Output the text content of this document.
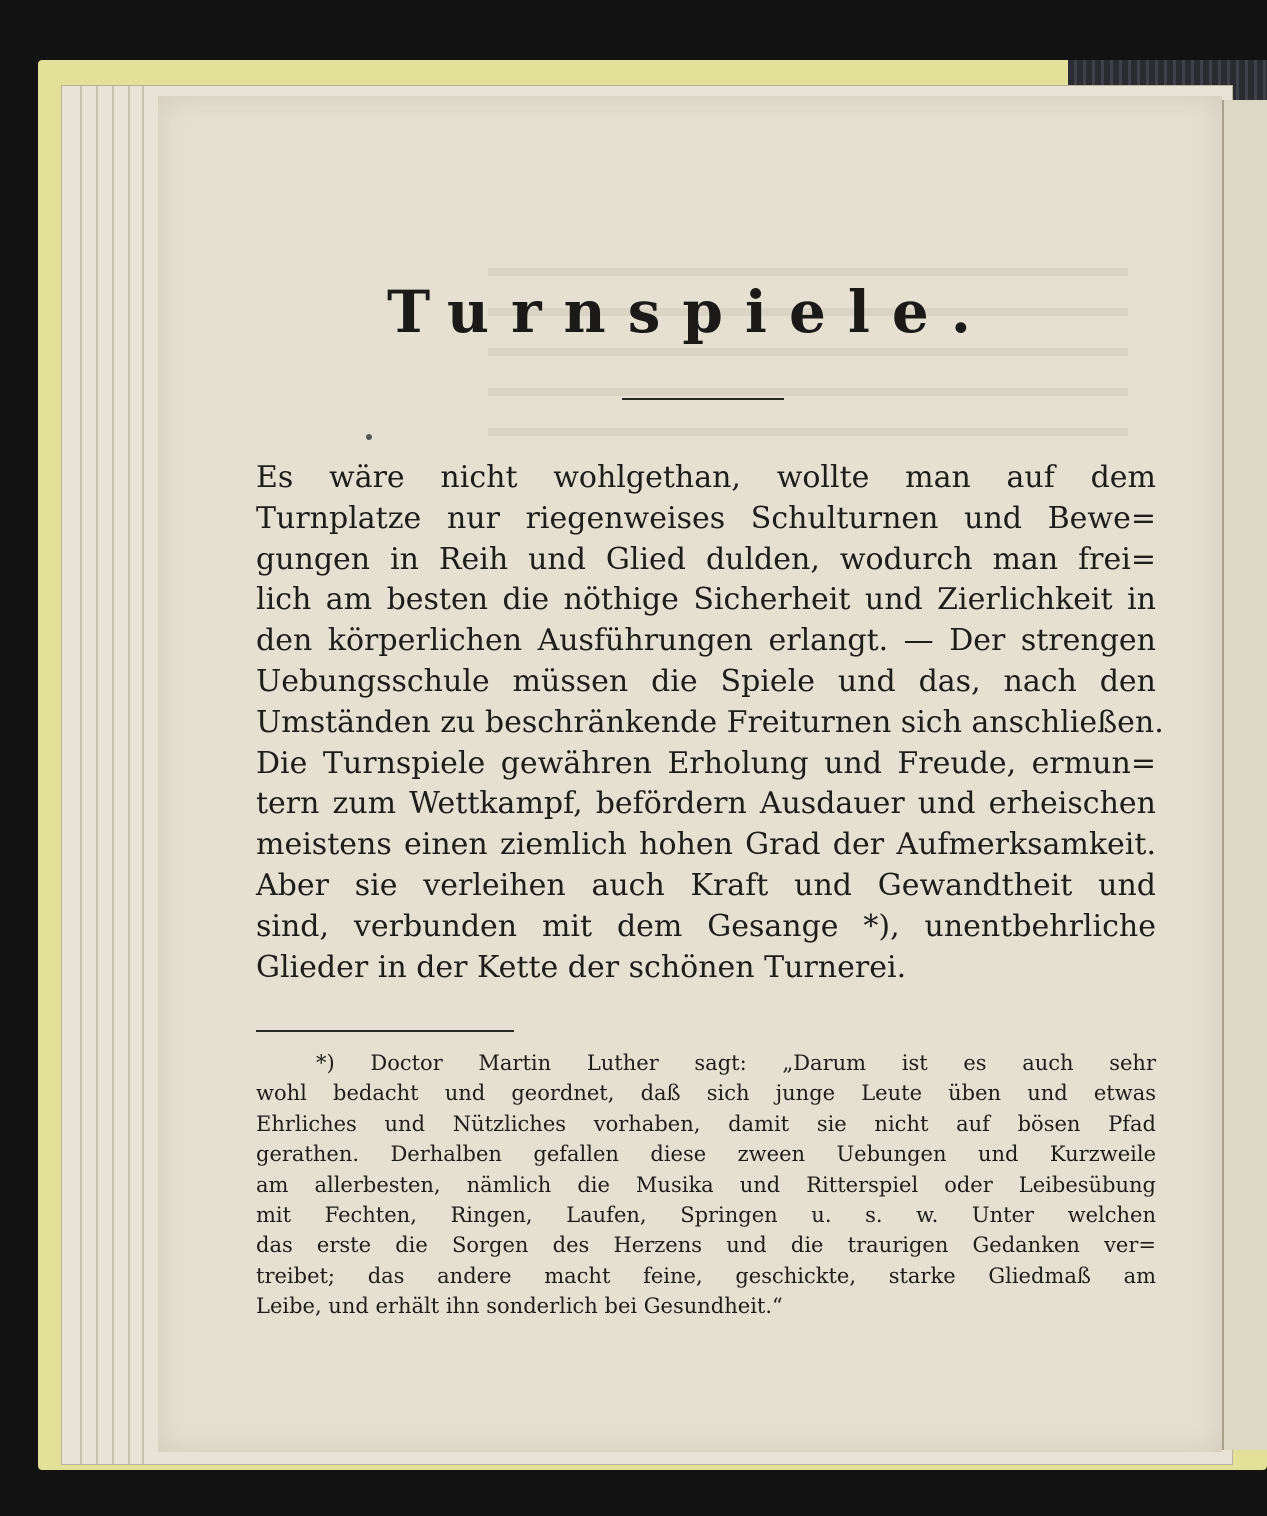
Turnspiele.
Es wäre nicht wohlgethan, wollte man auf dem
Turnplatze nur riegenweises Schulturnen und Bewe=
gungen in Reih und Glied dulden, wodurch man frei=
lich am besten die nöthige Sicherheit und Zierlichkeit in
den körperlichen Ausführungen erlangt. — Der strengen
Uebungsschule müssen die Spiele und das, nach den
Umständen zu beschränkende Freiturnen sich anschließen.
Die Turnspiele gewähren Erholung und Freude, ermun=
tern zum Wettkampf, befördern Ausdauer und erheischen
meistens einen ziemlich hohen Grad der Aufmerksamkeit.
Aber sie verleihen auch Kraft und Gewandtheit und
sind, verbunden mit dem Gesange *), unentbehrliche
Glieder in der Kette der schönen Turnerei.
*) Doctor Martin Luther sagt: „Darum ist es auch sehr
wohl bedacht und geordnet, daß sich junge Leute üben und etwas
Ehrliches und Nützliches vorhaben, damit sie nicht auf bösen Pfad
gerathen. Derhalben gefallen diese zween Uebungen und Kurzweile
am allerbesten, nämlich die Musika und Ritterspiel oder Leibesübung
mit Fechten, Ringen, Laufen, Springen u. s. w. Unter welchen
das erste die Sorgen des Herzens und die traurigen Gedanken ver=
treibet; das andere macht feine, geschickte, starke Gliedmaß am
Leibe, und erhält ihn sonderlich bei Gesundheit.“
